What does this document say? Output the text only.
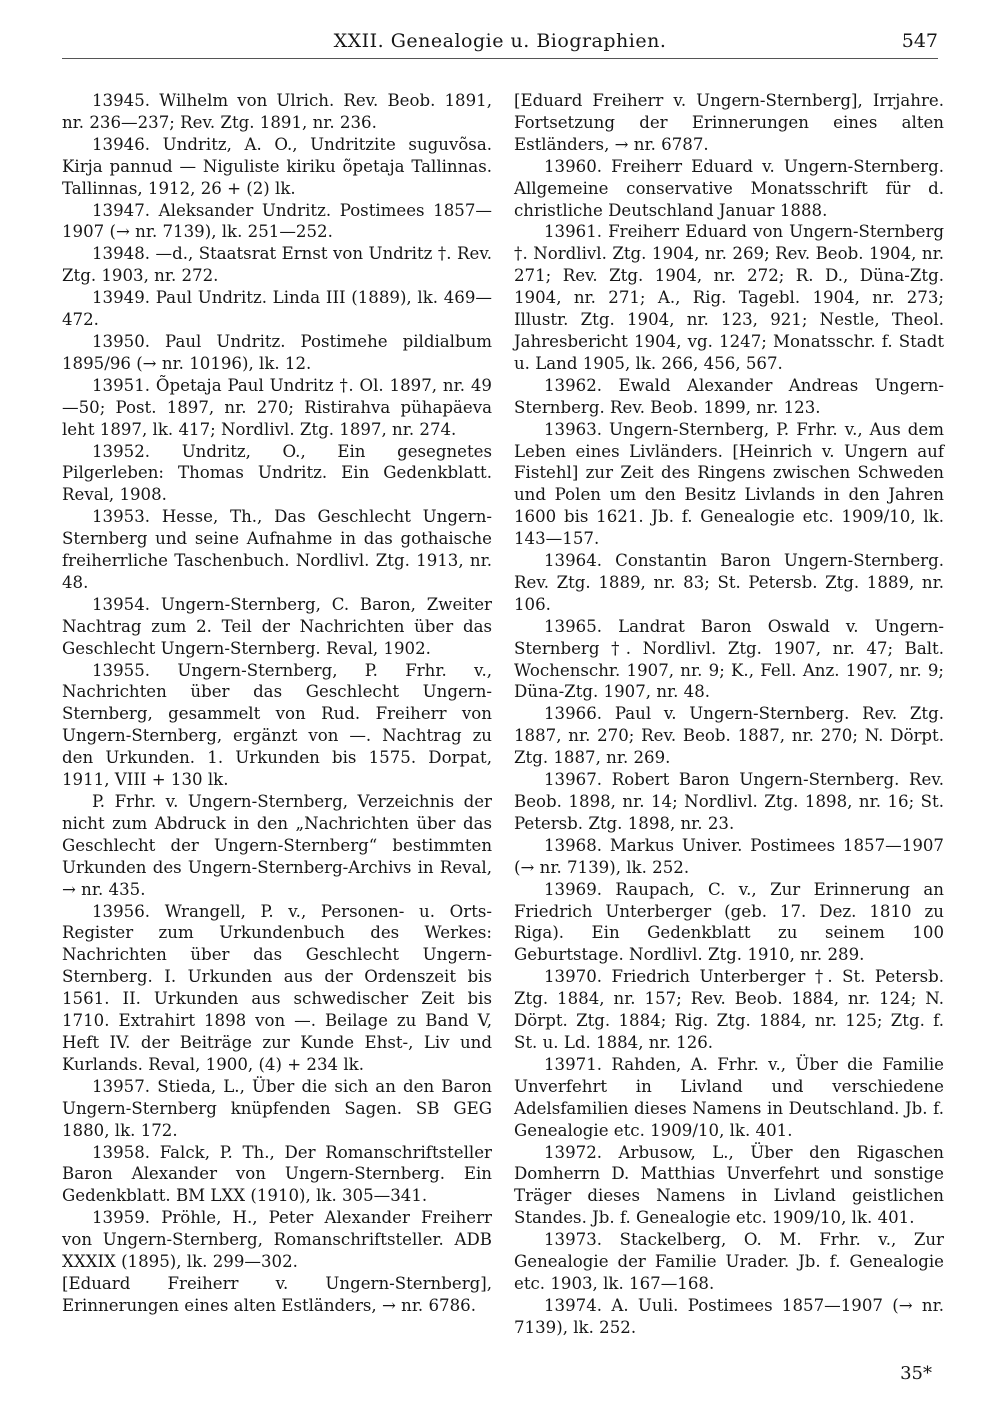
XXII. Genealogie u. Biographien.	547

13945. Wilhelm von Ulrich. Rev. Beob. 1891, nr. 236—237; Rev. Ztg. 1891, nr. 236.

13946. Undritz, A. O., Undritzite suguvõsa. Kirja pannud — Niguliste kiriku õpetaja Tallinnas. Tallinnas, 1912, 26 + (2) lk.

13947. Aleksander Undritz. Postimees 1857—1907 (→ nr. 7139), lk. 251—252.

13948. —d., Staatsrat Ernst von Undritz †. Rev. Ztg. 1903, nr. 272.

13949. Paul Undritz. Linda III (1889), lk. 469—472.

13950. Paul Undritz. Postimehe pildialbum 1895/96 (→ nr. 10196), lk. 12.

13951. Õpetaja Paul Undritz †. Ol. 1897, nr. 49—50; Post. 1897, nr. 270; Ristirahva pühapäeva leht 1897, lk. 417; Nordlivl. Ztg. 1897, nr. 274.

13952. Undritz, O., Ein gesegnetes Pilgerleben: Thomas Undritz. Ein Gedenkblatt. Reval, 1908.

13953. Hesse, Th., Das Geschlecht Ungern-Sternberg und seine Aufnahme in das gothaische freiherrliche Taschenbuch. Nordlivl. Ztg. 1913, nr. 48.

13954. Ungern-Sternberg, C. Baron, Zweiter Nachtrag zum 2. Teil der Nachrichten über das Geschlecht Ungern-Sternberg. Reval, 1902.

13955. Ungern-Sternberg, P. Frhr. v., Nachrichten über das Geschlecht Ungern-Sternberg, gesammelt von Rud. Freiherr von Ungern-Sternberg, ergänzt von —. Nachtrag zu den Urkunden. 1. Urkunden bis 1575. Dorpat, 1911, VIII + 130 lk.

P. Frhr. v. Ungern-Sternberg, Verzeichnis der nicht zum Abdruck in den „Nachrichten über das Geschlecht der Ungern-Sternberg“ bestimmten Urkunden des Ungern-Sternberg-Archivs in Reval, → nr. 435.

13956. Wrangell, P. v., Personen- u. Orts-Register zum Urkundenbuch des Werkes: Nachrichten über das Geschlecht Ungern-Sternberg. I. Urkunden aus der Ordenszeit bis 1561. II. Urkunden aus schwedischer Zeit bis 1710. Extrahirt 1898 von —. Beilage zu Band V, Heft IV. der Beiträge zur Kunde Ehst-, Liv und Kurlands. Reval, 1900, (4) + 234 lk.

13957. Stieda, L., Über die sich an den Baron Ungern-Sternberg knüpfenden Sagen. SB GEG 1880, lk. 172.

13958. Falck, P. Th., Der Romanschriftsteller Baron Alexander von Ungern-Sternberg. Ein Gedenkblatt. BM LXX (1910), lk. 305—341.

13959. Pröhle, H., Peter Alexander Freiherr von Ungern-Sternberg, Romanschriftsteller. ADB XXXIX (1895), lk. 299—302.

[Eduard Freiherr v. Ungern-Sternberg], Erinnerungen eines alten Estländers, → nr. 6786.

[Eduard Freiherr v. Ungern-Sternberg], Irrjahre. Fortsetzung der Erinnerungen eines alten Estländers, → nr. 6787.

13960. Freiherr Eduard v. Ungern-Sternberg. Allgemeine conservative Monatsschrift für d. christliche Deutschland Januar 1888.

13961. Freiherr Eduard von Ungern-Sternberg †. Nordlivl. Ztg. 1904, nr. 269; Rev. Beob. 1904, nr. 271; Rev. Ztg. 1904, nr. 272; R. D., Düna-Ztg. 1904, nr. 271; A., Rig. Tagebl. 1904, nr. 273; Illustr. Ztg. 1904, nr. 123, 921; Nestle, Theol. Jahresbericht 1904, vg. 1247; Monatsschr. f. Stadt u. Land 1905, lk. 266, 456, 567.

13962. Ewald Alexander Andreas Ungern-Sternberg. Rev. Beob. 1899, nr. 123.

13963. Ungern-Sternberg, P. Frhr. v., Aus dem Leben eines Livländers. [Heinrich v. Ungern auf Fistehl] zur Zeit des Ringens zwischen Schweden und Polen um den Besitz Livlands in den Jahren 1600 bis 1621. Jb. f. Genealogie etc. 1909/10, lk. 143—157.

13964. Constantin Baron Ungern-Sternberg. Rev. Ztg. 1889, nr. 83; St. Petersb. Ztg. 1889, nr. 106.

13965. Landrat Baron Oswald v. Ungern-Sternberg †. Nordlivl. Ztg. 1907, nr. 47; Balt. Wochenschr. 1907, nr. 9; K., Fell. Anz. 1907, nr. 9; Düna-Ztg. 1907, nr. 48.

13966. Paul v. Ungern-Sternberg. Rev. Ztg. 1887, nr. 270; Rev. Beob. 1887, nr. 270; N. Dörpt. Ztg. 1887, nr. 269.

13967. Robert Baron Ungern-Sternberg. Rev. Beob. 1898, nr. 14; Nordlivl. Ztg. 1898, nr. 16; St. Petersb. Ztg. 1898, nr. 23.

13968. Markus Univer. Postimees 1857—1907 (→ nr. 7139), lk. 252.

13969. Raupach, C. v., Zur Erinnerung an Friedrich Unterberger (geb. 17. Dez. 1810 zu Riga). Ein Gedenkblatt zu seinem 100 Geburtstage. Nordlivl. Ztg. 1910, nr. 289.

13970. Friedrich Unterberger †. St. Petersb. Ztg. 1884, nr. 157; Rev. Beob. 1884, nr. 124; N. Dörpt. Ztg. 1884; Rig. Ztg. 1884, nr. 125; Ztg. f. St. u. Ld. 1884, nr. 126.

13971. Rahden, A. Frhr. v., Über die Familie Unverfehrt in Livland und verschiedene Adelsfamilien dieses Namens in Deutschland. Jb. f. Genealogie etc. 1909/10, lk. 401.

13972. Arbusow, L., Über den Rigaschen Domherrn D. Matthias Unverfehrt und sonstige Träger dieses Namens in Livland geistlichen Standes. Jb. f. Genealogie etc. 1909/10, lk. 401.

13973. Stackelberg, O. M. Frhr. v., Zur Genealogie der Familie Urader. Jb. f. Genealogie etc. 1903, lk. 167—168.

13974. A. Uuli. Postimees 1857—1907 (→ nr. 7139), lk. 252.

35*
